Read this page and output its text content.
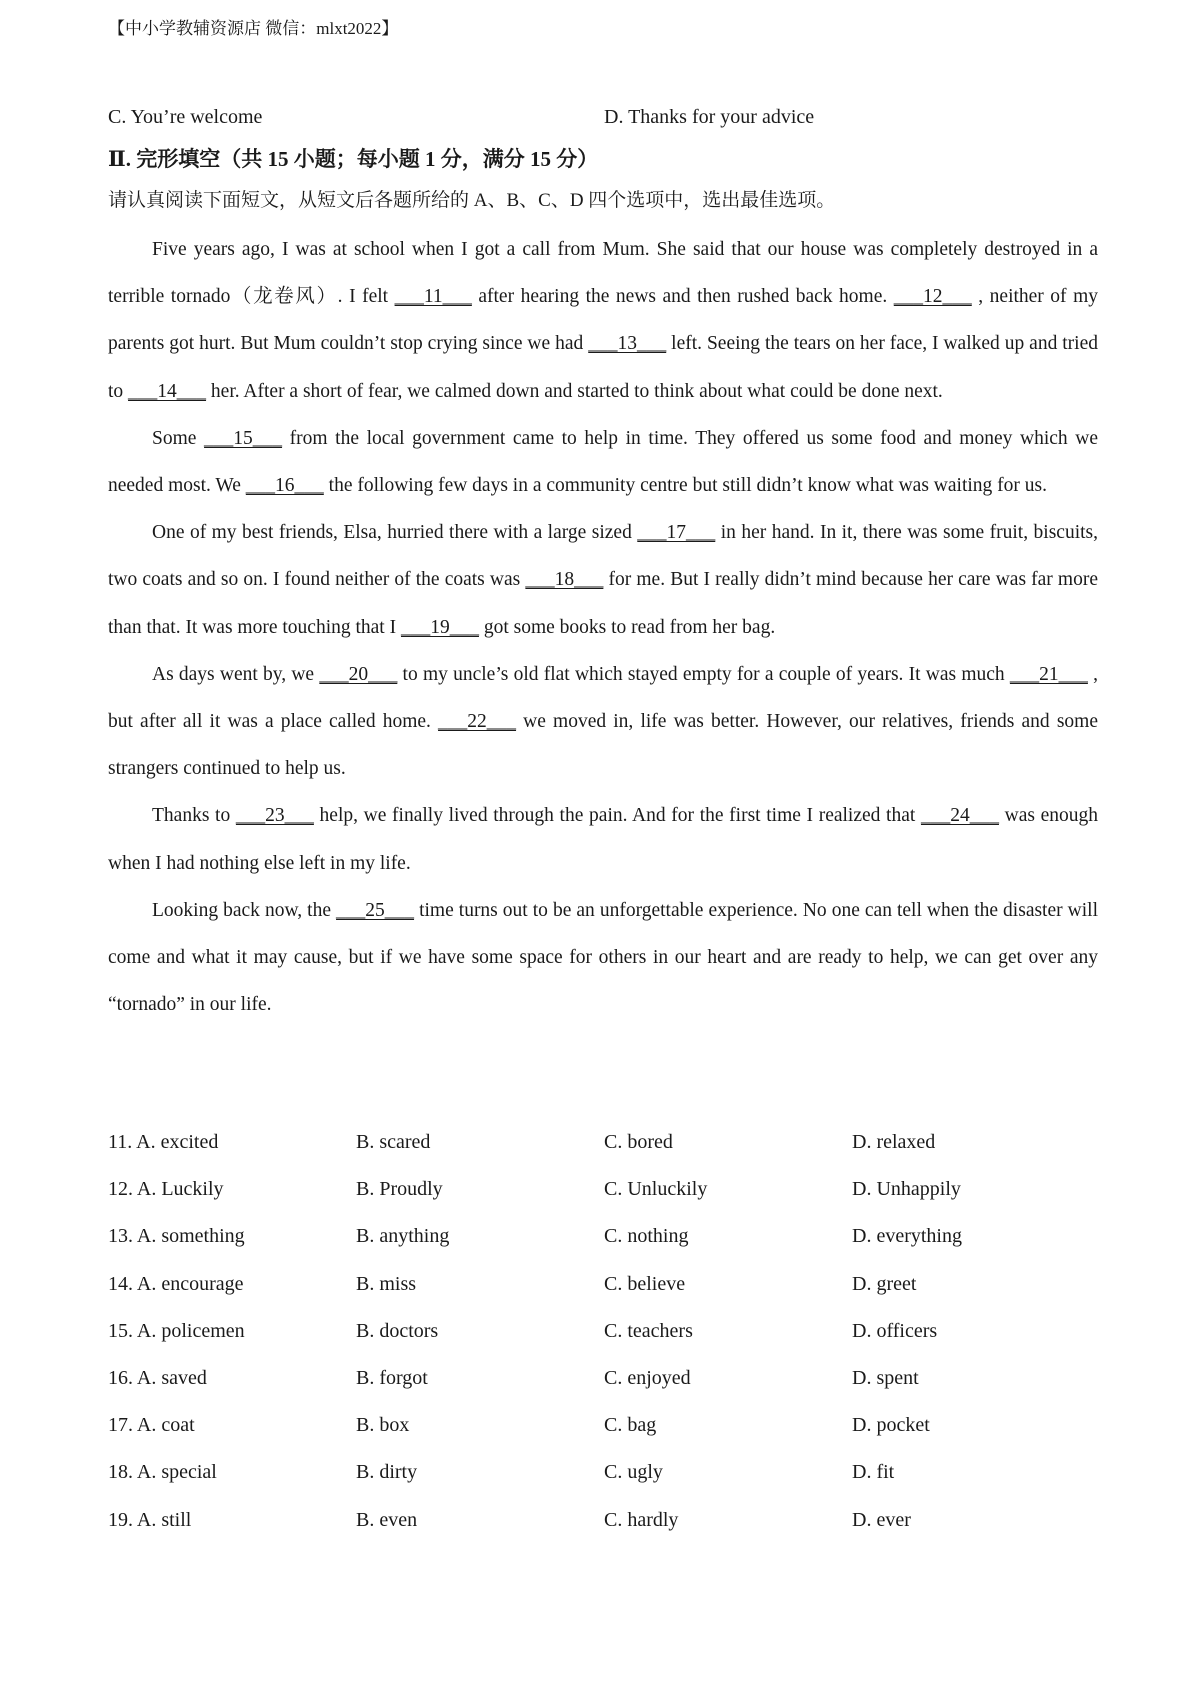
【中小学教辅资源店 微信：mlxt2022】
C. You’re welcome	D. Thanks for your advice
Ⅱ. 完形填空（共 15 小题；每小题 1 分，满分 15 分）
请认真阅读下面短文，从短文后各题所给的 A、B、C、D 四个选项中，选出最佳选项。

Five years ago, I was at school when I got a call from Mum. She said that our house was completely destroyed in a terrible tornado（龙卷风）. I felt ___11___ after hearing the news and then rushed back home. ___12___ , neither of my parents got hurt. But Mum couldn’t stop crying since we had ___13___ left. Seeing the tears on her face, I walked up and tried to ___14___ her. After a short of fear, we calmed down and started to think about what could be done next.

Some ___15___ from the local government came to help in time. They offered us some food and money which we needed most. We ___16___ the following few days in a community centre but still didn’t know what was waiting for us.

One of my best friends, Elsa, hurried there with a large sized ___17___ in her hand. In it, there was some fruit, biscuits, two coats and so on. I found neither of the coats was ___18___ for me. But I really didn’t mind because her care was far more than that. It was more touching that I ___19___ got some books to read from her bag.

As days went by, we ___20___ to my uncle’s old flat which stayed empty for a couple of years. It was much ___21___ , but after all it was a place called home. ___22___ we moved in, life was better. However, our relatives, friends and some strangers continued to help us.

Thanks to ___23___ help, we finally lived through the pain. And for the first time I realized that ___24___ was enough when I had nothing else left in my life.

Looking back now, the ___25___ time turns out to be an unforgettable experience. No one can tell when the disaster will come and what it may cause, but if we have some space for others in our heart and are ready to help, we can get over any “tornado” in our life.

11. A. excited	B. scared	C. bored	D. relaxed
12. A. Luckily	B. Proudly	C. Unluckily	D. Unhappily
13. A. something	B. anything	C. nothing	D. everything
14. A. encourage	B. miss	C. believe	D. greet
15. A. policemen	B. doctors	C. teachers	D. officers
16. A. saved	B. forgot	C. enjoyed	D. spent
17. A. coat	B. box	C. bag	D. pocket
18. A. special	B. dirty	C. ugly	D. fit
19. A. still	B. even	C. hardly	D. ever
